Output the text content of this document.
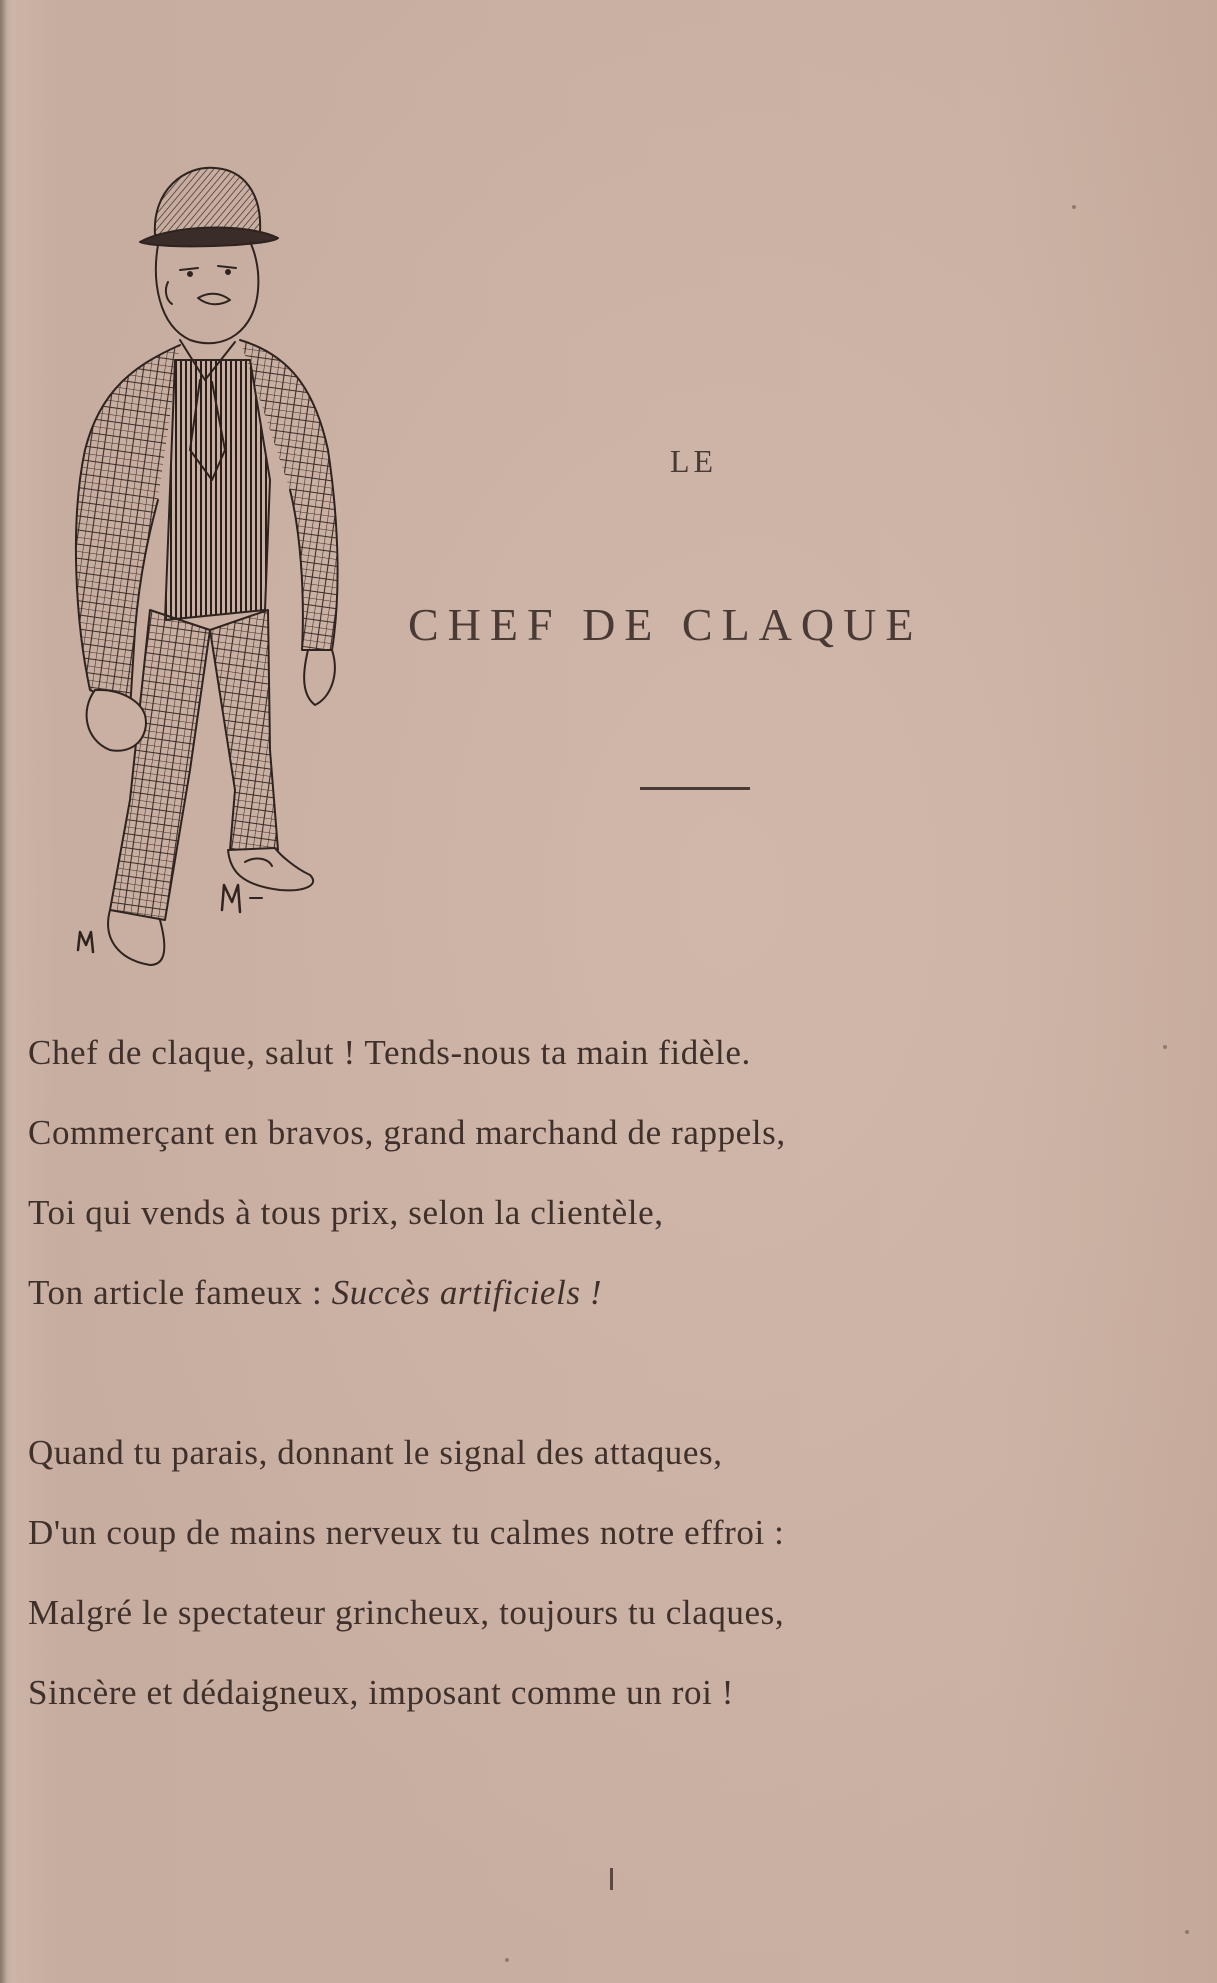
LE
CHEF DE CLAQUE
Chef de claque, salut ! Tends-nous ta main fidèle.
Commerçant en bravos, grand marchand de rappels,
Toi qui vends à tous prix, selon la clientèle,
Ton article fameux : Succès artificiels !
Quand tu parais, donnant le signal des attaques,
D'un coup de mains nerveux tu calmes notre effroi :
Malgré le spectateur grincheux, toujours tu claques,
Sincère et dédaigneux, imposant comme un roi !
